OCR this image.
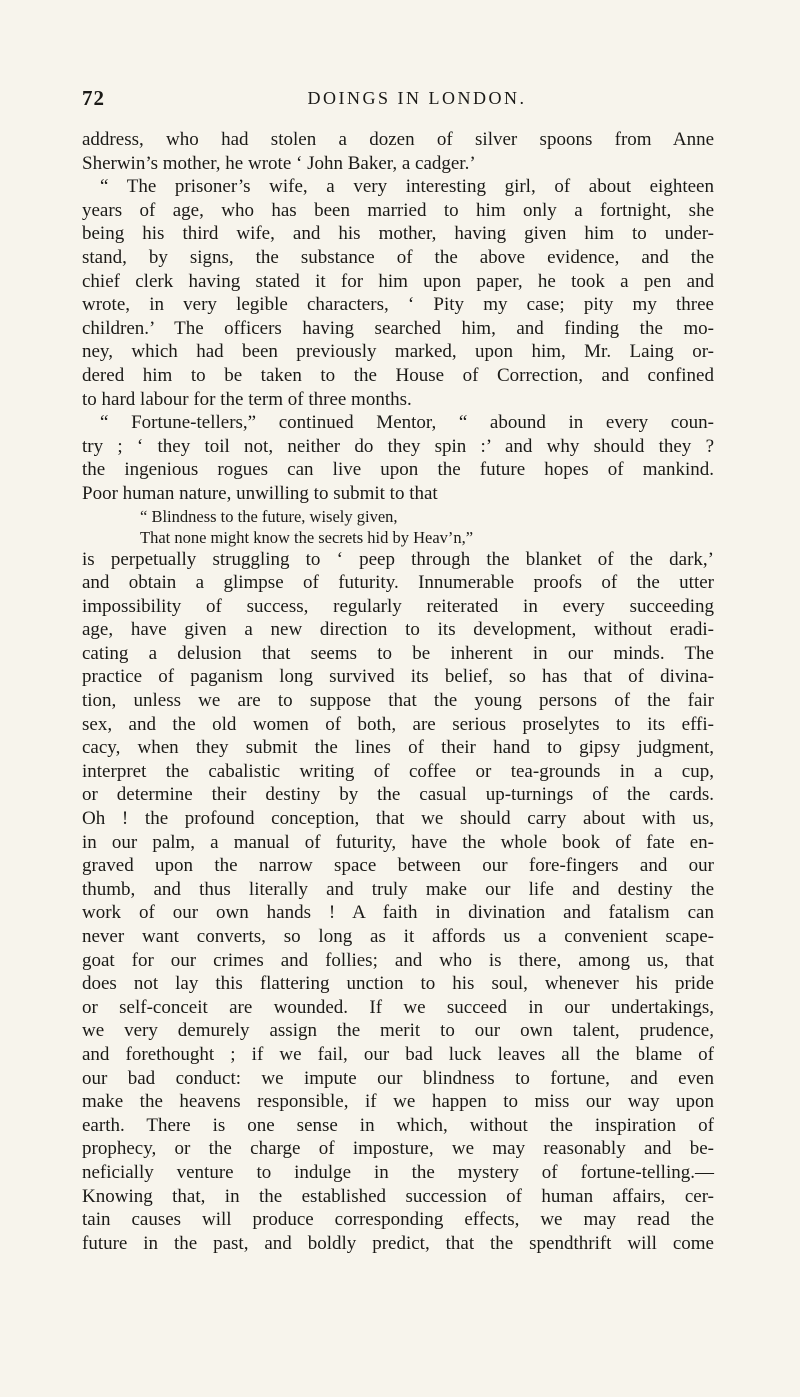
72	DOINGS IN LONDON.
address, who had stolen a dozen of silver spoons from Anne
Sherwin’s mother, he wrote ‘ John Baker, a cadger.’
“ The prisoner’s wife, a very interesting girl, of about eighteen
years of age, who has been married to him only a fortnight, she
being his third wife, and his mother, having given him to under-
stand, by signs, the substance of the above evidence, and the
chief clerk having stated it for him upon paper, he took a pen and
wrote, in very legible characters, ‘ Pity my case; pity my three
children.’ The officers having searched him, and finding the mo-
ney, which had been previously marked, upon him, Mr. Laing or-
dered him to be taken to the House of Correction, and confined
to hard labour for the term of three months.
“ Fortune-tellers,” continued Mentor, “ abound in every coun-
try ; ‘ they toil not, neither do they spin :’ and why should they ?
the ingenious rogues can live upon the future hopes of mankind.
Poor human nature, unwilling to submit to that
“ Blindness to the future, wisely given,
That none might know the secrets hid by Heav’n,”
is perpetually struggling to ‘ peep through the blanket of the dark,’
and obtain a glimpse of futurity. Innumerable proofs of the utter
impossibility of success, regularly reiterated in every succeeding
age, have given a new direction to its development, without eradi-
cating a delusion that seems to be inherent in our minds. The
practice of paganism long survived its belief, so has that of divina-
tion, unless we are to suppose that the young persons of the fair
sex, and the old women of both, are serious proselytes to its effi-
cacy, when they submit the lines of their hand to gipsy judgment,
interpret the cabalistic writing of coffee or tea-grounds in a cup,
or determine their destiny by the casual up-turnings of the cards.
Oh ! the profound conception, that we should carry about with us,
in our palm, a manual of futurity, have the whole book of fate en-
graved upon the narrow space between our fore-fingers and our
thumb, and thus literally and truly make our life and destiny the
work of our own hands ! A faith in divination and fatalism can
never want converts, so long as it affords us a convenient scape-
goat for our crimes and follies; and who is there, among us, that
does not lay this flattering unction to his soul, whenever his pride
or self-conceit are wounded. If we succeed in our undertakings,
we very demurely assign the merit to our own talent, prudence,
and forethought ; if we fail, our bad luck leaves all the blame of
our bad conduct: we impute our blindness to fortune, and even
make the heavens responsible, if we happen to miss our way upon
earth. There is one sense in which, without the inspiration of
prophecy, or the charge of imposture, we may reasonably and be-
neficially venture to indulge in the mystery of fortune-telling.—
Knowing that, in the established succession of human affairs, cer-
tain causes will produce corresponding effects, we may read the
future in the past, and boldly predict, that the spendthrift will come
